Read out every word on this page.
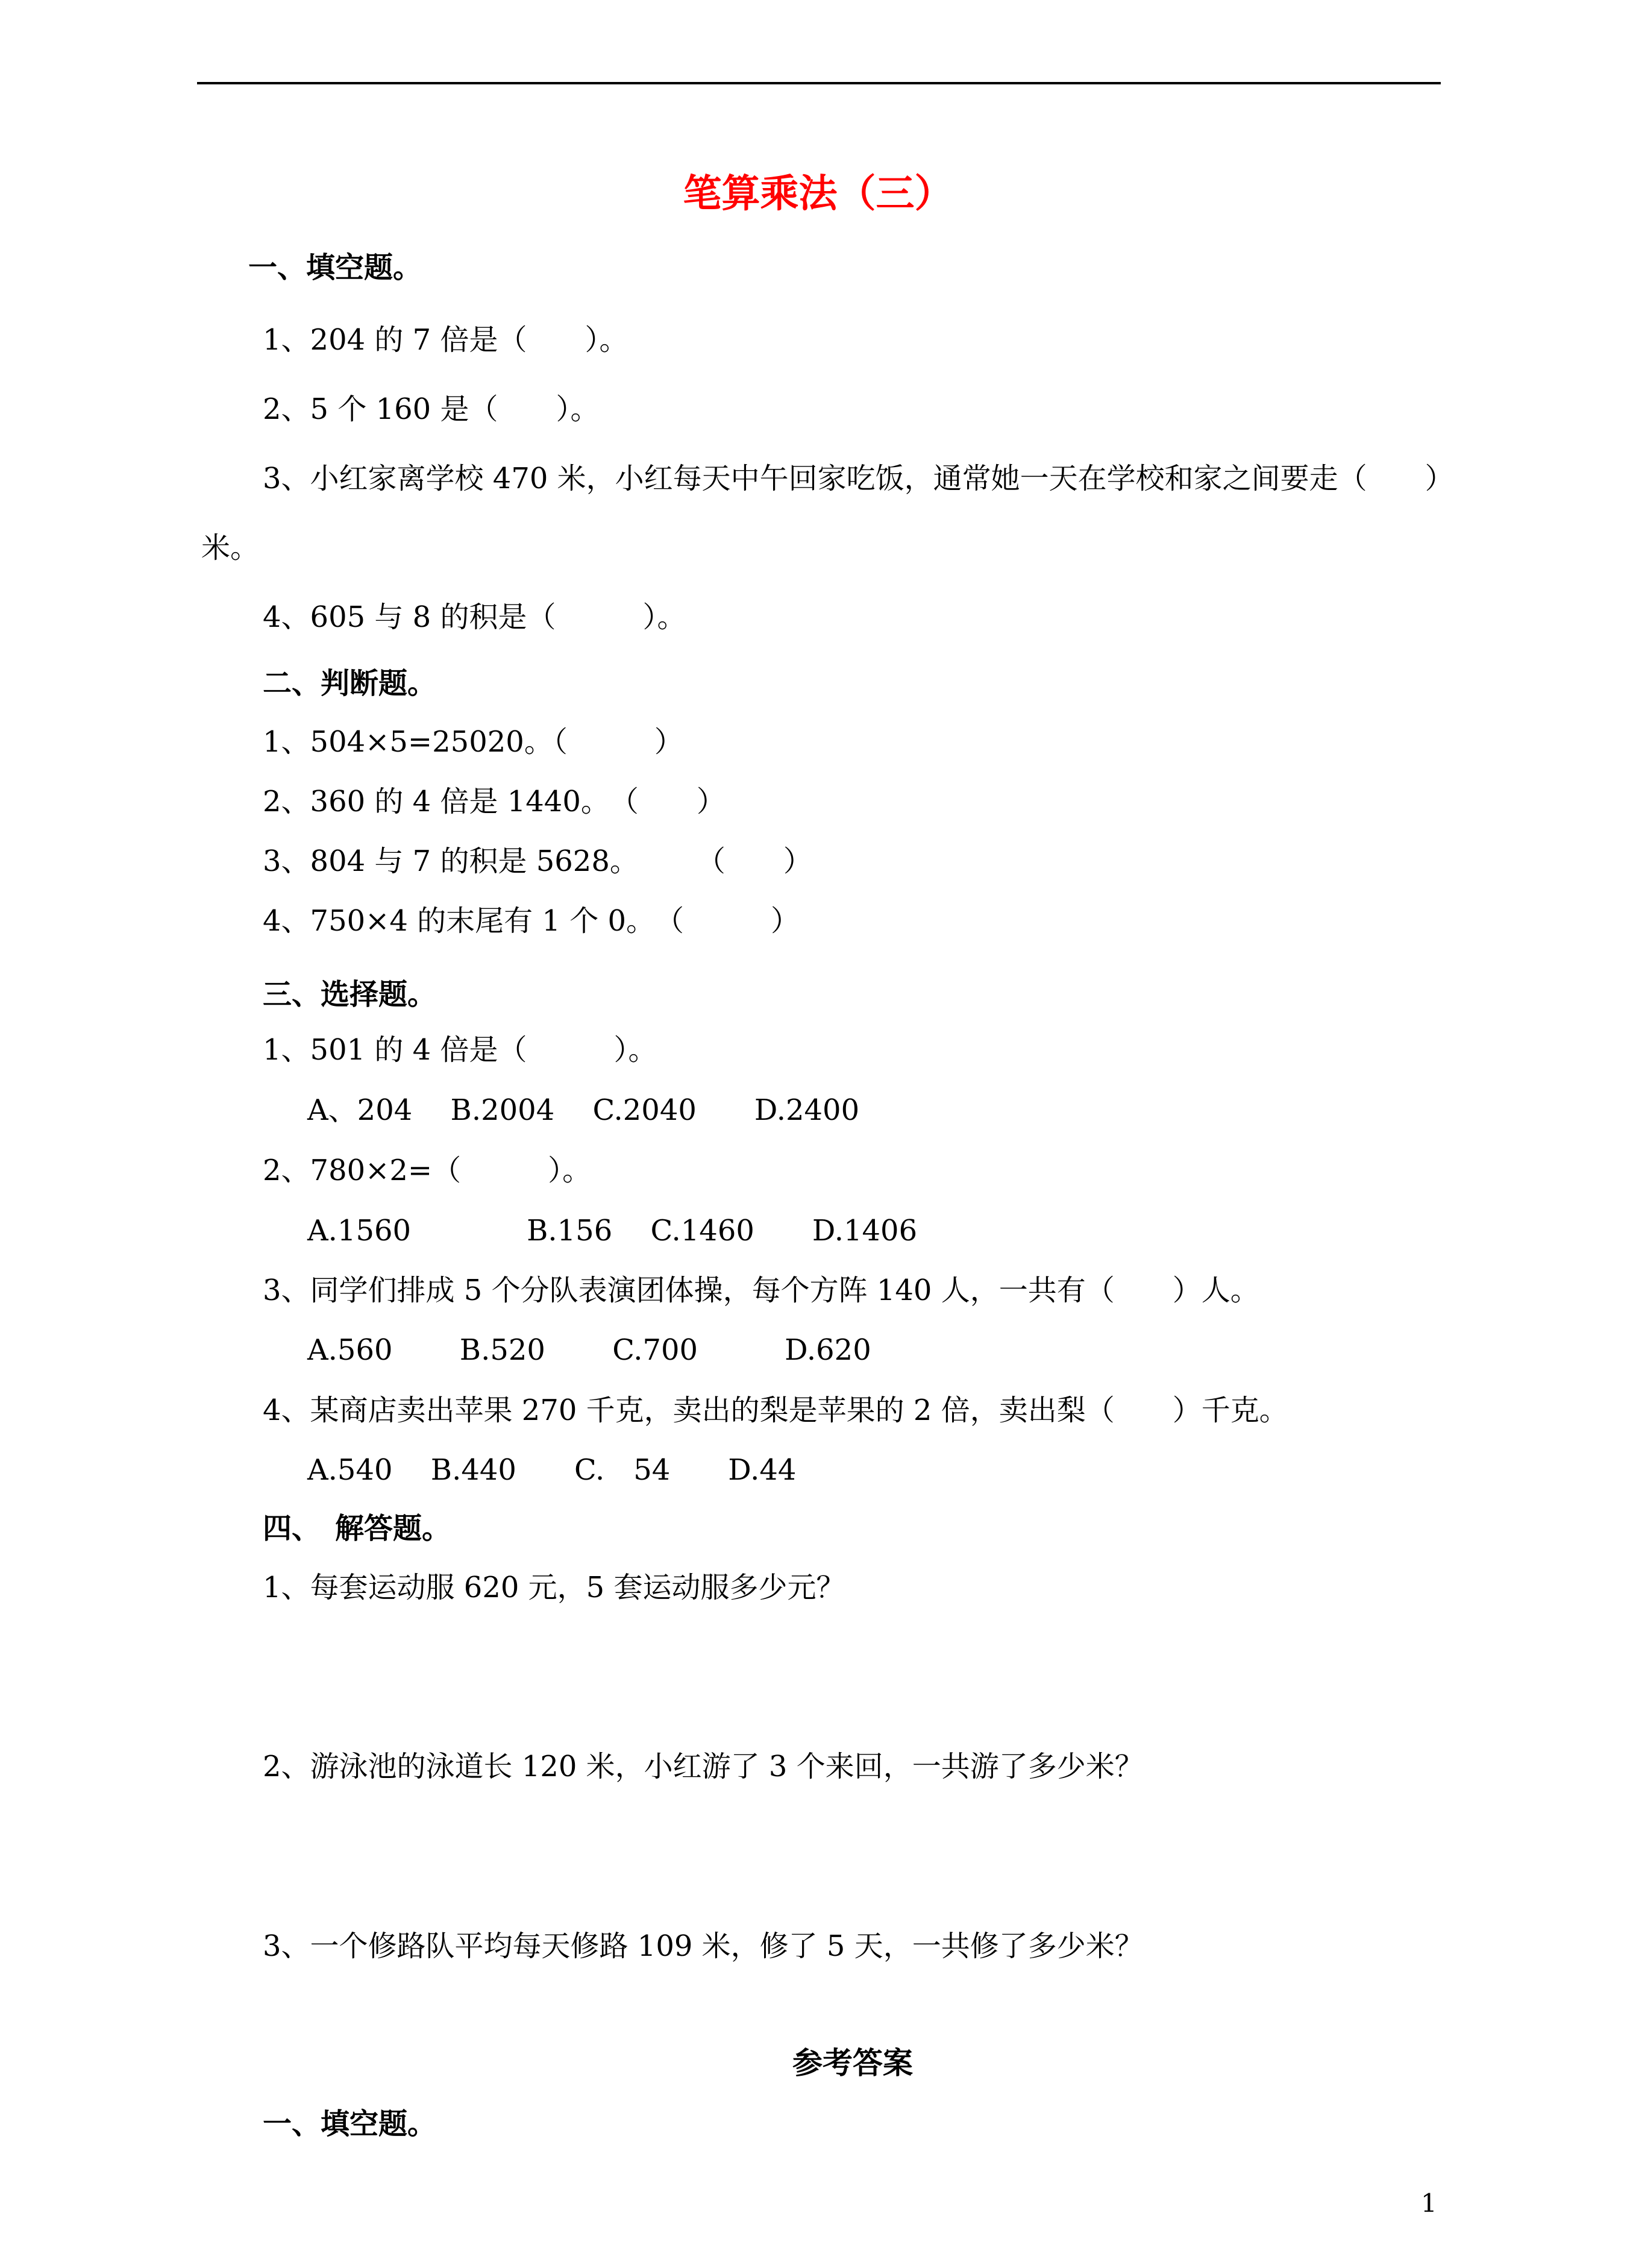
笔算乘法（三）
一、填空题。
1、204 的 7 倍是（　　）。
2、5 个 160 是（　　）。
3、小红家离学校 470 米，小红每天中午回家吃饭，通常她一天在学校和家之间要走（　　）
米。
4、605 与 8 的积是（　　　）。
二、判断题。
1、504×5=25020。（　　　）
2、360 的 4 倍是 1440。　（　　）
3、804 与 7 的积是 5628。　　　（　　）
4、750×4 的末尾有 1 个 0。　（　　　）
三、选择题。
1、501 的 4 倍是（　　　）。
A、204　 B.2004　 C.2040　　D.2400
2、780×2=（　　　）。
A.1560　　　　B.156　 C.1460　　D.1406
3、同学们排成 5 个分队表演团体操，每个方阵 140 人，一共有（　　）人。
A.560　　 B.520　　 C.700　　　D.620
4、某商店卖出苹果 270 千克，卖出的梨是苹果的 2 倍，卖出梨（　　）千克。
A.540　 B.440　　C.　54　　D.44
四、　解答题。
1、每套运动服 620 元，5 套运动服多少元？
2、游泳池的泳道长 120 米，小红游了 3 个来回，一共游了多少米？
3、一个修路队平均每天修路 109 米，修了 5 天，一共修了多少米？
参考答案
一、填空题。
1
